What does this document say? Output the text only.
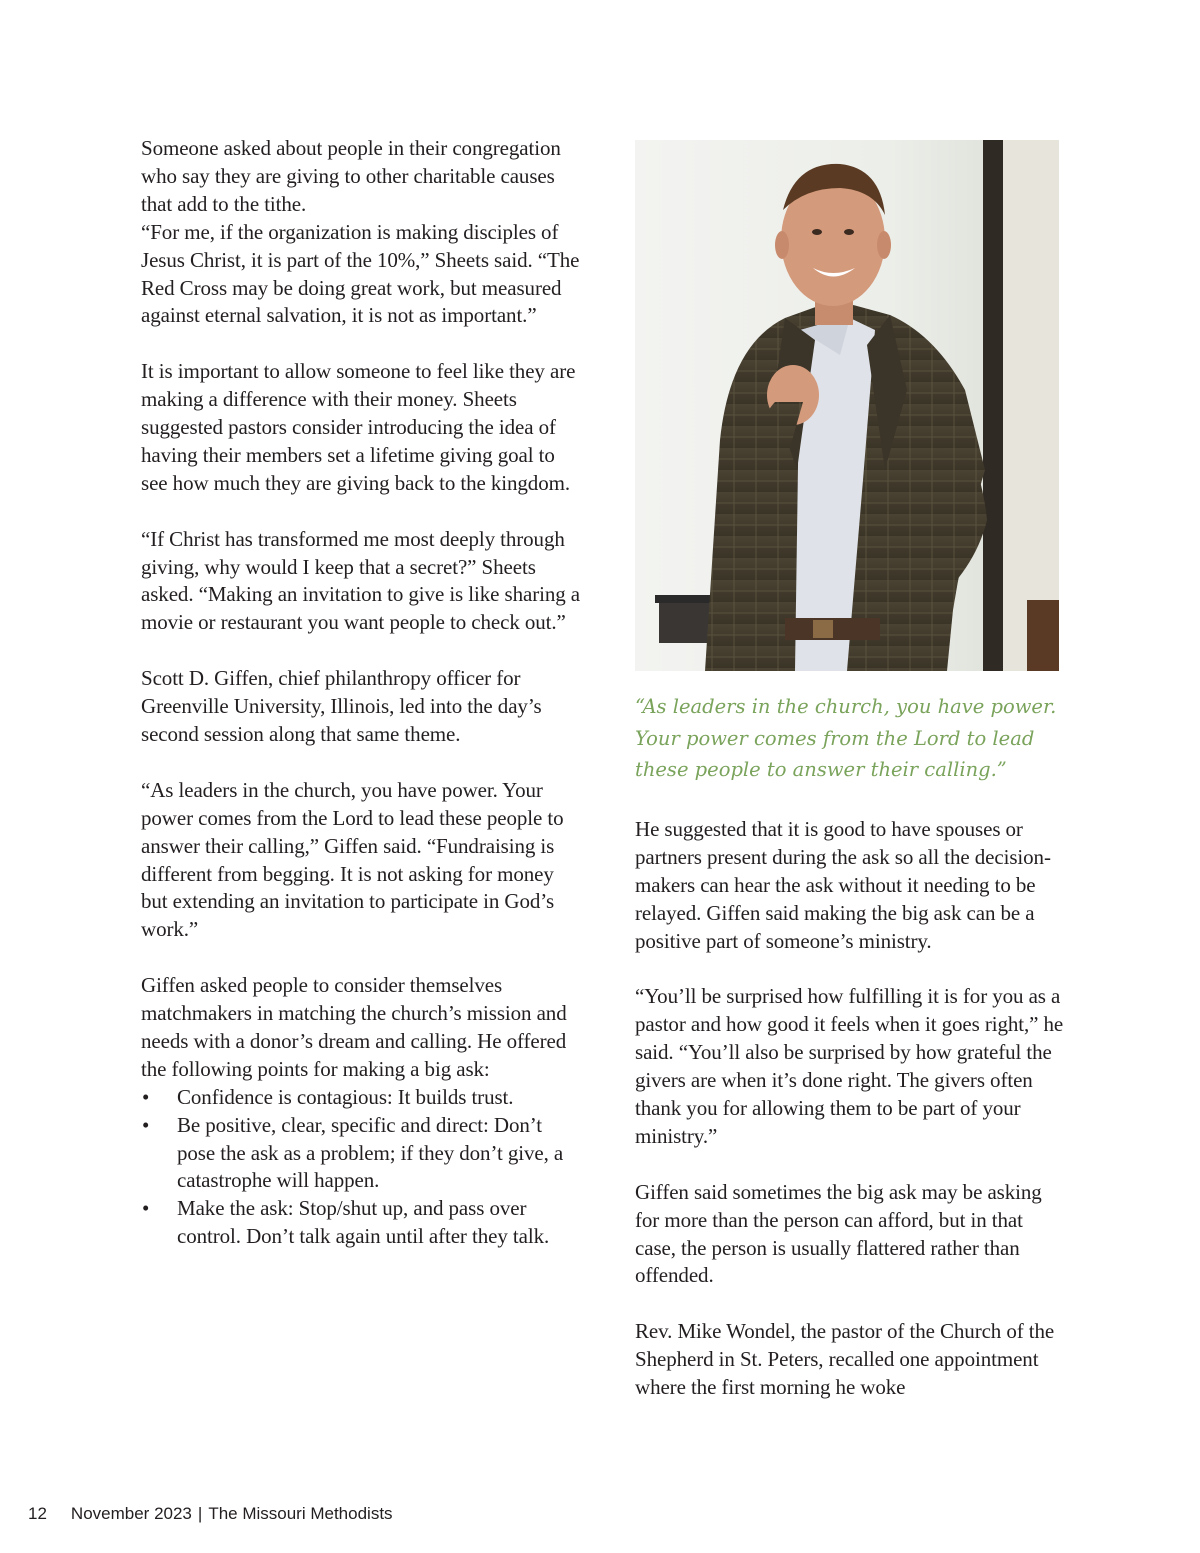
Someone asked about people in their congregation who say they are giving to other charitable causes that add to the tithe.

“For me, if the organization is making disciples of Jesus Christ, it is part of the 10%,” Sheets said. “The Red Cross may be doing great work, but measured against eternal salvation, it is not as important.”

It is important to allow someone to feel like they are making a difference with their money. Sheets suggested pastors consider introducing the idea of having their members set a lifetime giving goal to see how much they are giving back to the kingdom.

“If Christ has transformed me most deeply through giving, why would I keep that a secret?” Sheets asked. “Making an invitation to give is like sharing a movie or restaurant you want people to check out.”

Scott D. Giffen, chief philanthropy officer for Greenville University, Illinois, led into the day’s second session along that same theme.

“As leaders in the church, you have power. Your power comes from the Lord to lead these people to answer their calling,” Giffen said. “Fundraising is different from begging. It is not asking for money but extending an invitation to participate in God’s work.”

Giffen asked people to consider themselves matchmakers in matching the church’s mission and needs with a donor’s dream and calling. He offered the following points for making a big ask:

• Confidence is contagious: It builds trust.
• Be positive, clear, specific and direct: Don’t pose the ask as a problem; if they don’t give, a catastrophe will happen.
• Make the ask: Stop/shut up, and pass over control. Don’t talk again until after they talk.

“As leaders in the church, you have power. Your power comes from the Lord to lead these people to answer their calling.”

He suggested that it is good to have spouses or partners present during the ask so all the decision-makers can hear the ask without it needing to be relayed. Giffen said making the big ask can be a positive part of someone’s ministry.

“You’ll be surprised how fulfilling it is for you as a pastor and how good it feels when it goes right,” he said. “You’ll also be surprised by how grateful the givers are when it’s done right. The givers often thank you for allowing them to be part of your ministry.”

Giffen said sometimes the big ask may be asking for more than the person can afford, but in that case, the person is usually flattered rather than offended.

Rev. Mike Wondel, the pastor of the Church of the Shepherd in St. Peters, recalled one appointment where the first morning he woke

12 November 2023 | The Missouri Methodists
